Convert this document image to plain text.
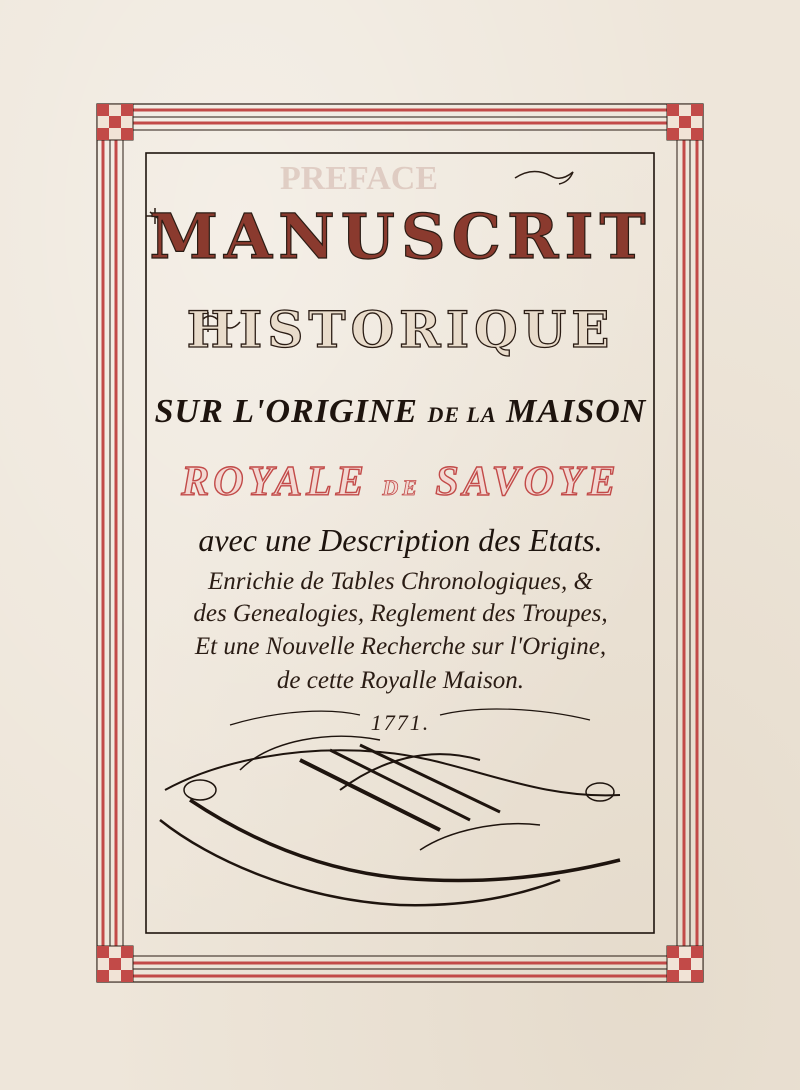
PREFACE
MANUSCRIT
HISTORIQUE
SUR L'ORIGINE DE LA MAISON
ROYALE DE SAVOYE
avec une Description des Etats.
Enrichie de Tables Chronologiques, &
des Genealogies, Reglement des Troupes,
Et une Nouvelle Recherche sur l'Origine,
de cette Royalle Maison.
1771.
